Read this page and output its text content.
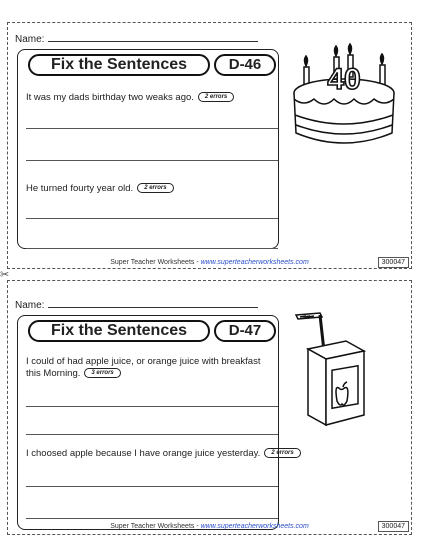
Name:
Fix the Sentences	D-46
It was my dads birthday two weaks ago. 2 errors
He turned fourty year old. 2 errors
40
Super Teacher Worksheets - www.superteacherworksheets.com	300047
✂
Name:
Fix the Sentences	D-47
I could of had apple juice, or orange juice with breakfast this Morning. 3 errors
I choosed apple because I have orange juice yesterday. 2 errors
Super Teacher Worksheets - www.superteacherworksheets.com	300047
